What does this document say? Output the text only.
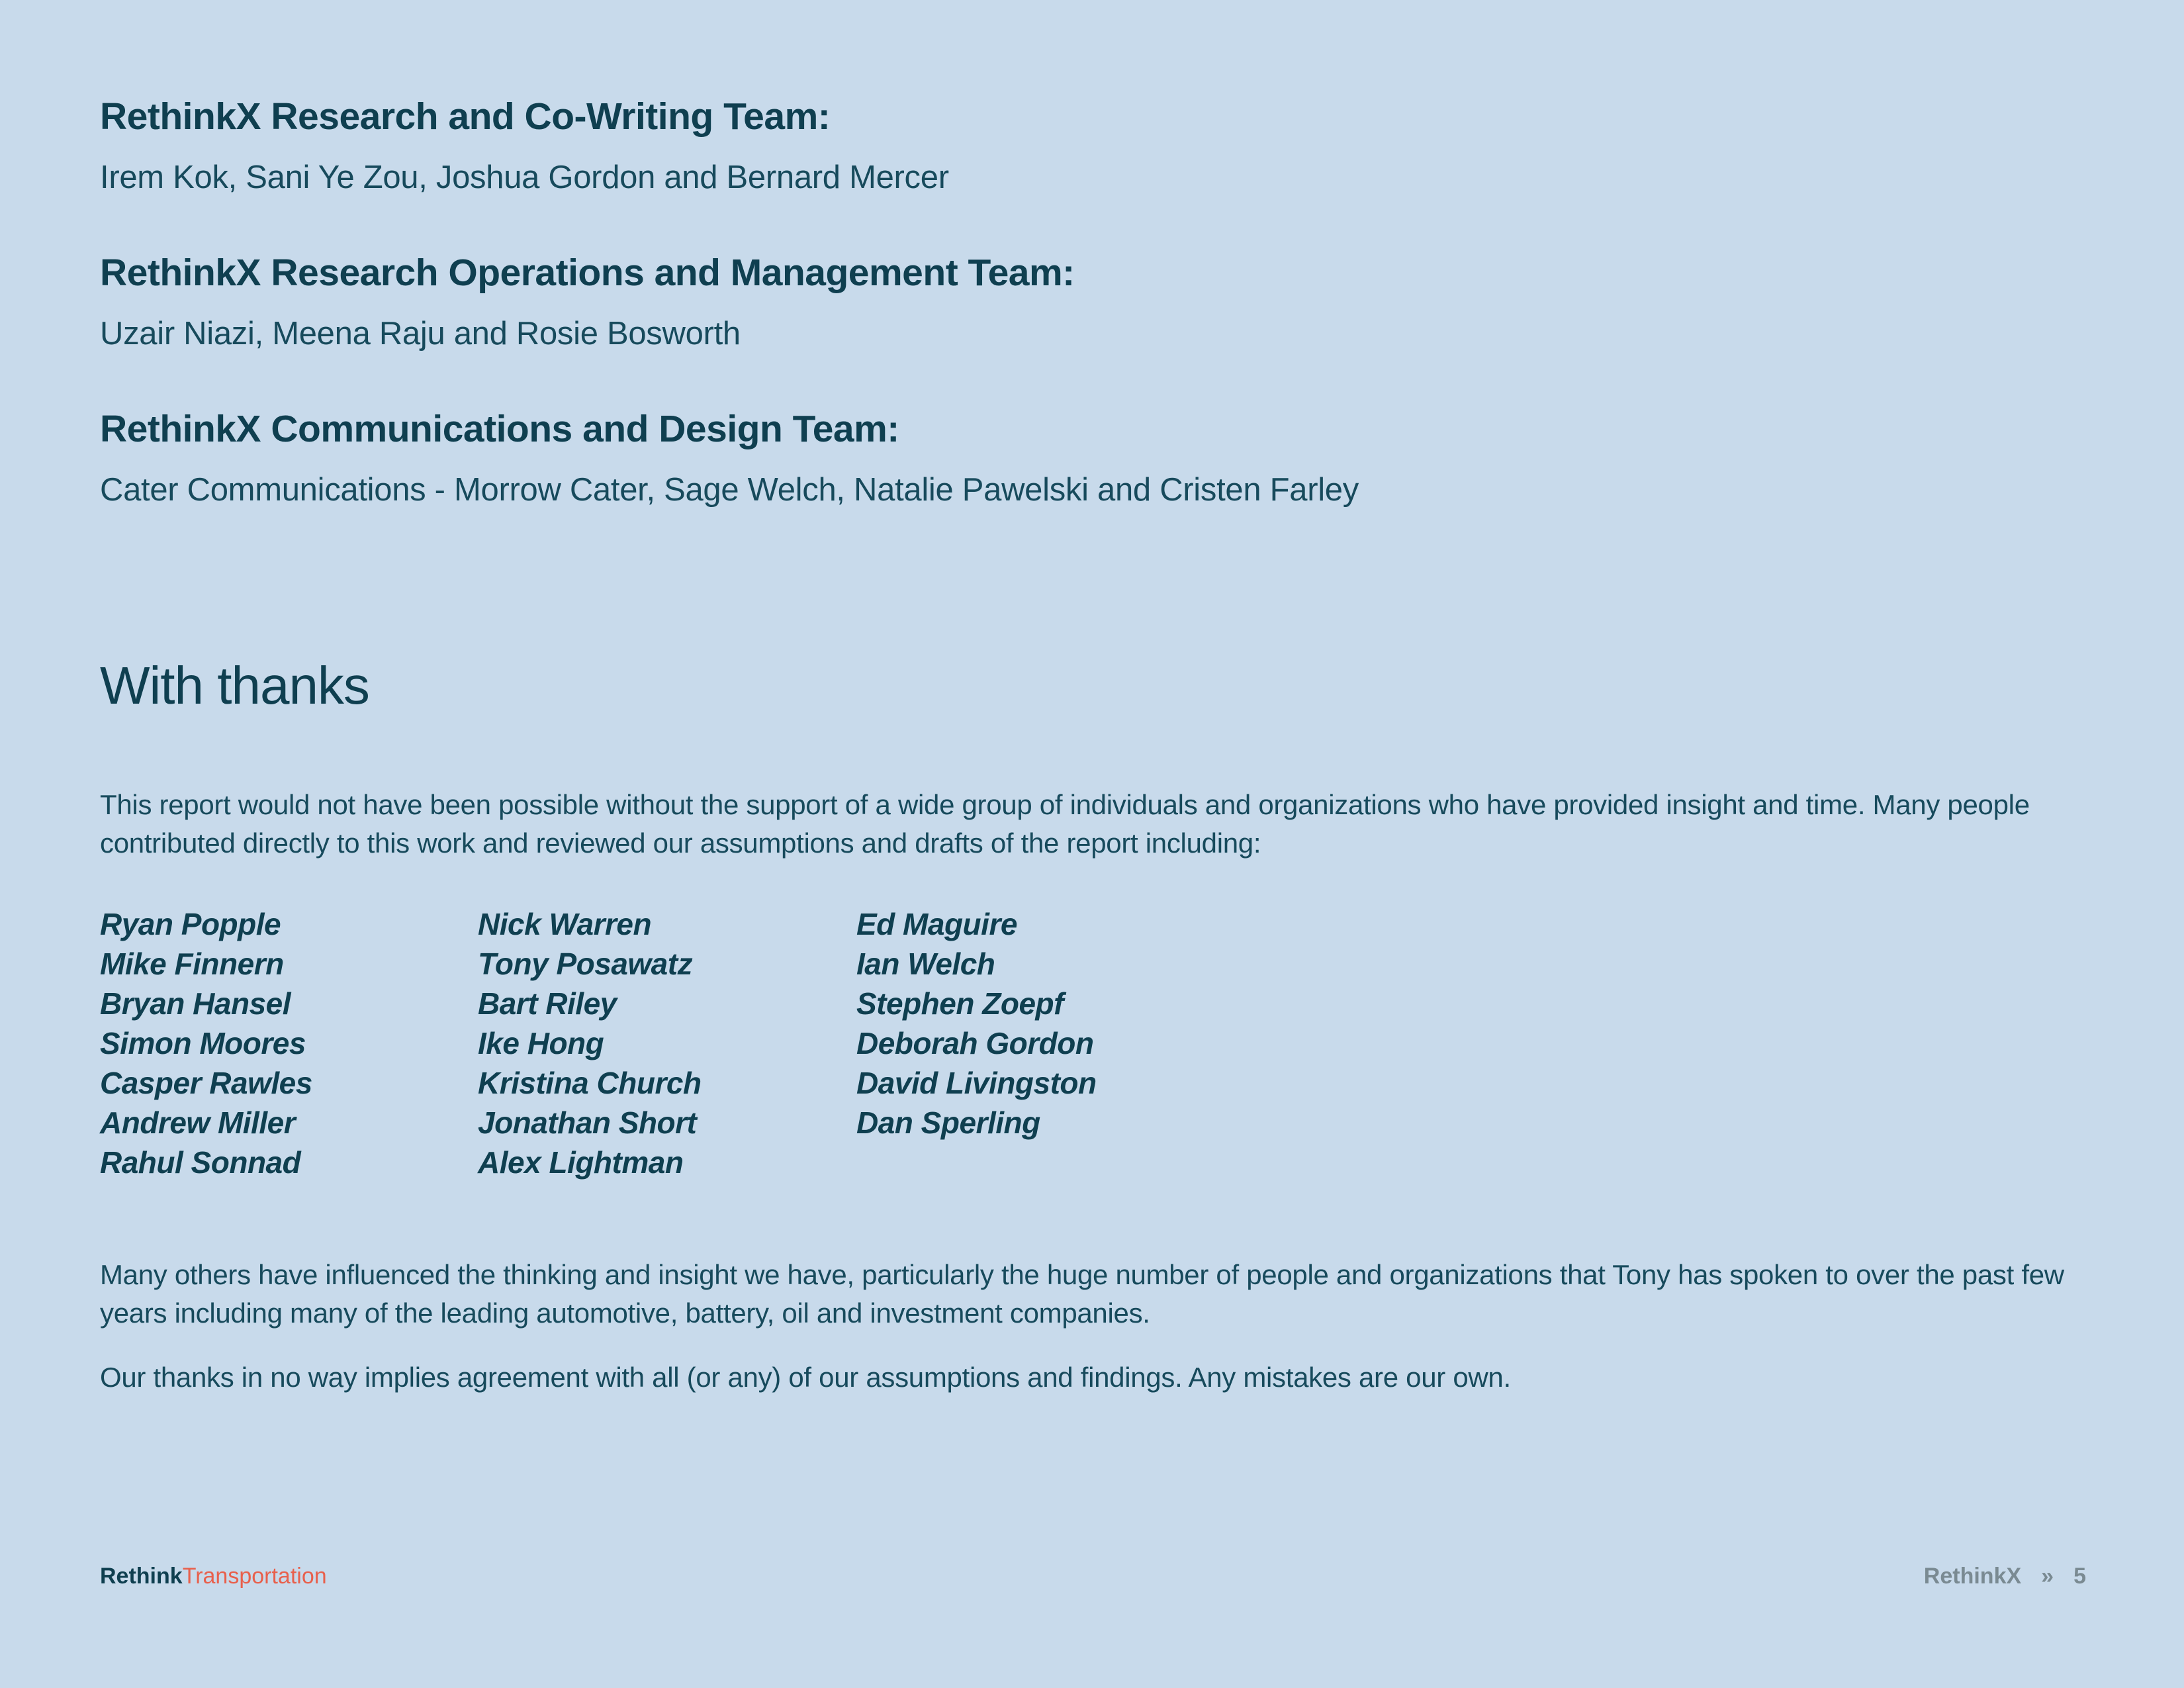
RethinkX Research and Co-Writing Team:

Irem Kok, Sani Ye Zou, Joshua Gordon and Bernard Mercer

RethinkX Research Operations and Management Team:

Uzair Niazi, Meena Raju and Rosie Bosworth

RethinkX Communications and Design Team:

Cater Communications - Morrow Cater, Sage Welch, Natalie Pawelski and Cristen Farley

With thanks

This report would not have been possible without the support of a wide group of individuals and organizations who have provided insight and time. Many people contributed directly to this work and reviewed our assumptions and drafts of the report including:

Ryan Popple
Mike Finnern
Bryan Hansel
Simon Moores
Casper Rawles
Andrew Miller
Rahul Sonnad
Nick Warren
Tony Posawatz
Bart Riley
Ike Hong
Kristina Church
Jonathan Short
Alex Lightman
Ed Maguire
Ian Welch
Stephen Zoepf
Deborah Gordon
David Livingston
Dan Sperling

Many others have influenced the thinking and insight we have, particularly the huge number of people and organizations that Tony has spoken to over the past few years including many of the leading automotive, battery, oil and investment companies.

Our thanks in no way implies agreement with all (or any) of our assumptions and findings. Any mistakes are our own.

RethinkTransportation	RethinkX » 5
